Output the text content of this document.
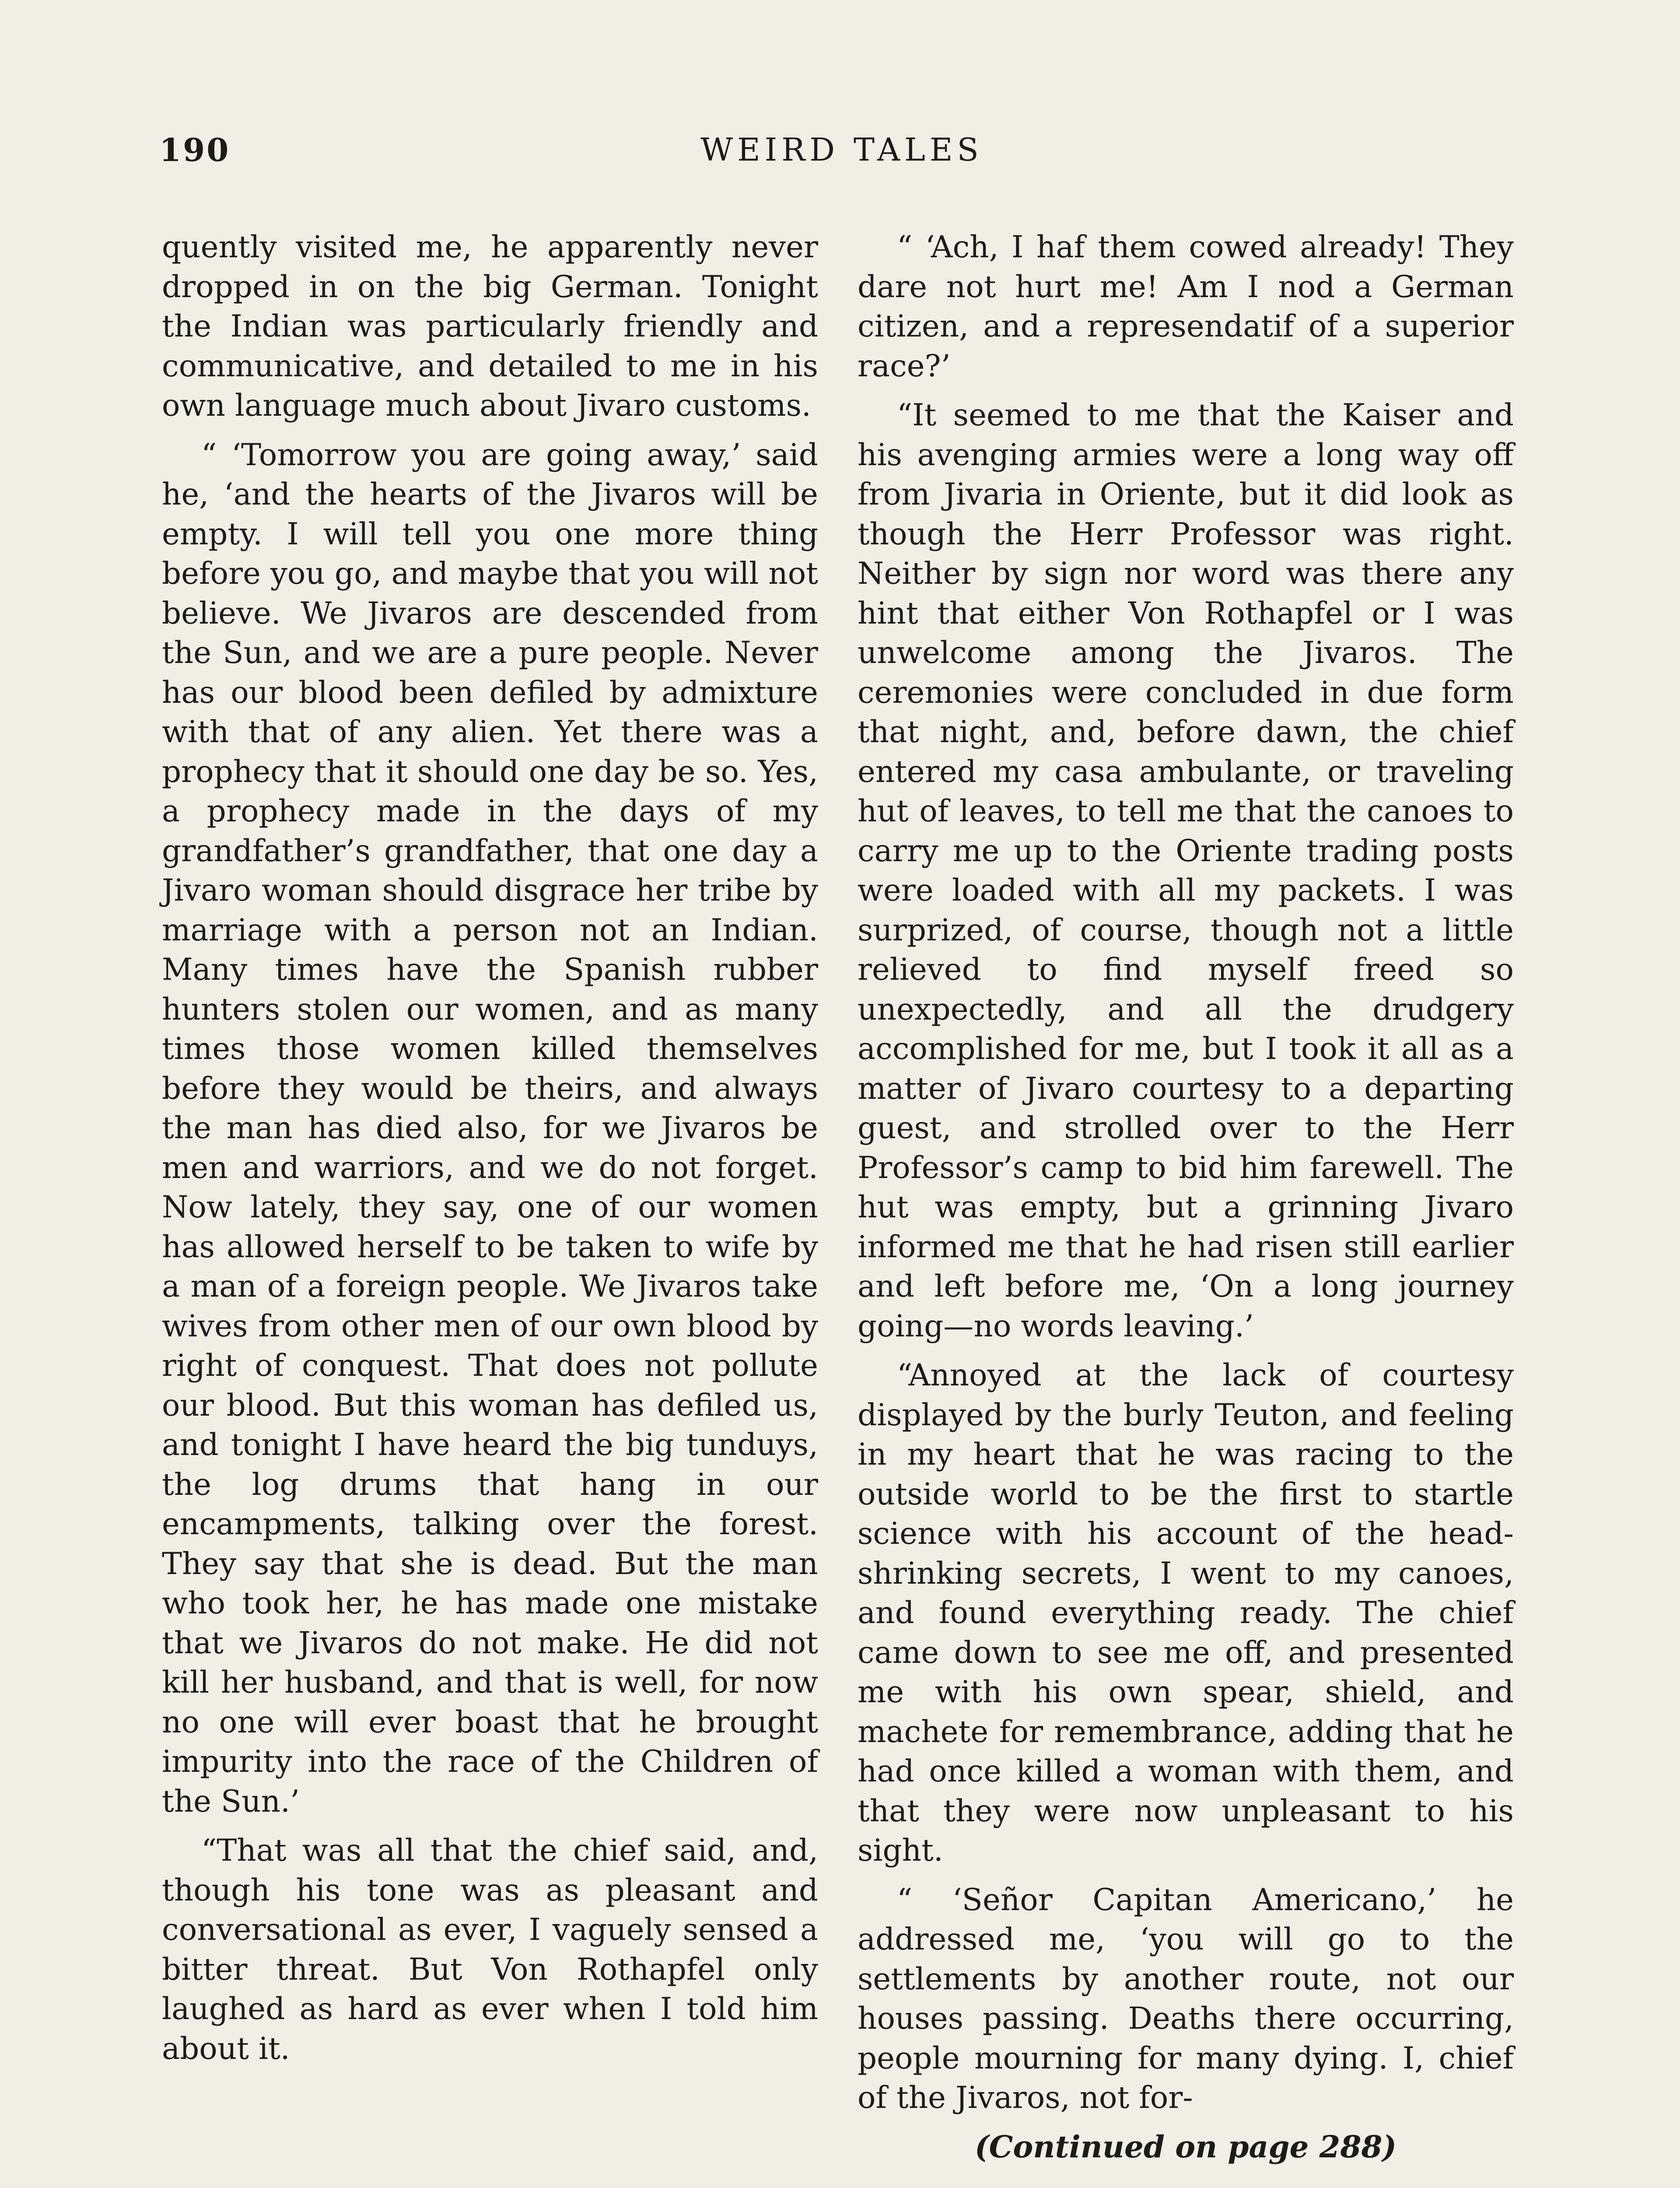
190	WEIRD TALES

quently visited me, he apparently never dropped in on the big German. Tonight the Indian was particularly friendly and communicative, and detailed to me in his own language much about Jivaro customs.

“ ‘Tomorrow you are going away,’ said he, ‘and the hearts of the Jivaros will be empty. I will tell you one more thing before you go, and maybe that you will not believe. We Jivaros are descended from the Sun, and we are a pure people. Never has our blood been defiled by admixture with that of any alien. Yet there was a prophecy that it should one day be so. Yes, a prophecy made in the days of my grandfather’s grandfather, that one day a Jivaro woman should disgrace her tribe by marriage with a person not an Indian. Many times have the Spanish rubber hunters stolen our women, and as many times those women killed themselves before they would be theirs, and always the man has died also, for we Jivaros be men and warriors, and we do not forget. Now lately, they say, one of our women has allowed herself to be taken to wife by a man of a foreign people. We Jivaros take wives from other men of our own blood by right of conquest. That does not pollute our blood. But this woman has defiled us, and tonight I have heard the big tunduys, the log drums that hang in our encampments, talking over the forest. They say that she is dead. But the man who took her, he has made one mistake that we Jivaros do not make. He did not kill her husband, and that is well, for now no one will ever boast that he brought impurity into the race of the Children of the Sun.’

“That was all that the chief said, and, though his tone was as pleasant and conversational as ever, I vaguely sensed a bitter threat. But Von Rothapfel only laughed as hard as ever when I told him about it.

“ ‘Ach, I haf them cowed already! They dare not hurt me! Am I nod a German citizen, and a represendatif of a superior race?’

“It seemed to me that the Kaiser and his avenging armies were a long way off from Jivaria in Oriente, but it did look as though the Herr Professor was right. Neither by sign nor word was there any hint that either Von Rothapfel or I was unwelcome among the Jivaros. The ceremonies were concluded in due form that night, and, before dawn, the chief entered my casa ambulante, or traveling hut of leaves, to tell me that the canoes to carry me up to the Oriente trading posts were loaded with all my packets. I was surprized, of course, though not a little relieved to find myself freed so unexpectedly, and all the drudgery accomplished for me, but I took it all as a matter of Jivaro courtesy to a departing guest, and strolled over to the Herr Professor’s camp to bid him farewell. The hut was empty, but a grinning Jivaro informed me that he had risen still earlier and left before me, ‘On a long journey going—no words leaving.’

“Annoyed at the lack of courtesy displayed by the burly Teuton, and feeling in my heart that he was racing to the outside world to be the first to startle science with his account of the head-shrinking secrets, I went to my canoes, and found everything ready. The chief came down to see me off, and presented me with his own spear, shield, and machete for remembrance, adding that he had once killed a woman with them, and that they were now unpleasant to his sight.

“ ‘Señor Capitan Americano,’ he addressed me, ‘you will go to the settlements by another route, not our houses passing. Deaths there occurring, people mourning for many dying. I, chief of the Jivaros, not for-

(Continued on page 288)
